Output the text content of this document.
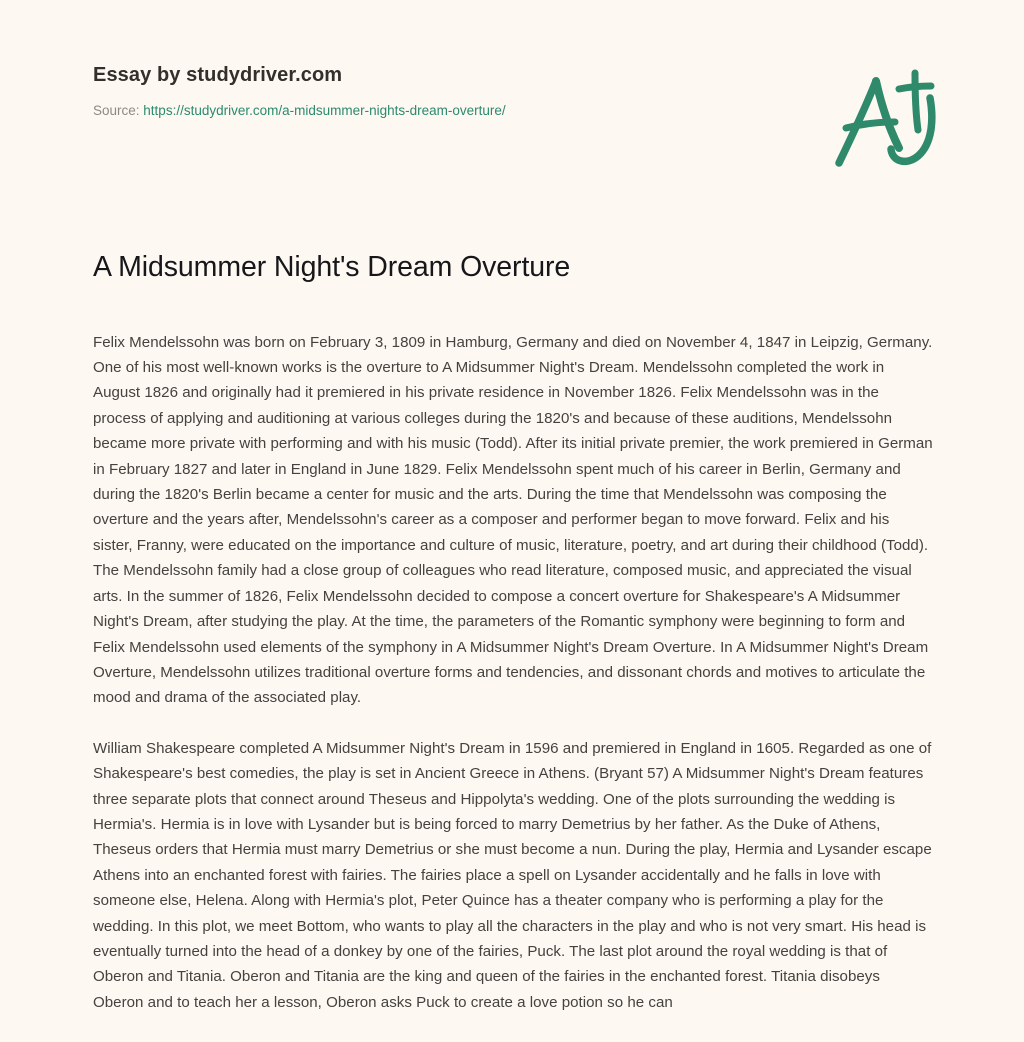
Essay by studydriver.com
Source: https://studydriver.com/a-midsummer-nights-dream-overture/
A Midsummer Night's Dream Overture

Felix Mendelssohn was born on February 3, 1809 in Hamburg, Germany and died on November 4, 1847 in Leipzig, Germany. One of his most well-known works is the overture to A Midsummer Night's Dream. Mendelssohn completed the work in August 1826 and originally had it premiered in his private residence in November 1826. Felix Mendelssohn was in the process of applying and auditioning at various colleges during the 1820's and because of these auditions, Mendelssohn became more private with performing and with his music (Todd). After its initial private premier, the work premiered in German in February 1827 and later in England in June 1829. Felix Mendelssohn spent much of his career in Berlin, Germany and during the 1820's Berlin became a center for music and the arts. During the time that Mendelssohn was composing the overture and the years after, Mendelssohn's career as a composer and performer began to move forward. Felix and his sister, Franny, were educated on the importance and culture of music, literature, poetry, and art during their childhood (Todd). The Mendelssohn family had a close group of colleagues who read literature, composed music, and appreciated the visual arts. In the summer of 1826, Felix Mendelssohn decided to compose a concert overture for Shakespeare's A Midsummer Night's Dream, after studying the play. At the time, the parameters of the Romantic symphony were beginning to form and Felix Mendelssohn used elements of the symphony in A Midsummer Night's Dream Overture. In A Midsummer Night's Dream Overture, Mendelssohn utilizes traditional overture forms and tendencies, and dissonant chords and motives to articulate the mood and drama of the associated play.

William Shakespeare completed A Midsummer Night's Dream in 1596 and premiered in England in 1605. Regarded as one of Shakespeare's best comedies, the play is set in Ancient Greece in Athens. (Bryant 57) A Midsummer Night's Dream features three separate plots that connect around Theseus and Hippolyta's wedding. One of the plots surrounding the wedding is Hermia's. Hermia is in love with Lysander but is being forced to marry Demetrius by her father. As the Duke of Athens, Theseus orders that Hermia must marry Demetrius or she must become a nun. During the play, Hermia and Lysander escape Athens into an enchanted forest with fairies. The fairies place a spell on Lysander accidentally and he falls in love with someone else, Helena. Along with Hermia's plot, Peter Quince has a theater company who is performing a play for the wedding. In this plot, we meet Bottom, who wants to play all the characters in the play and who is not very smart. His head is eventually turned into the head of a donkey by one of the fairies, Puck. The last plot around the royal wedding is that of Oberon and Titania. Oberon and Titania are the king and queen of the fairies in the enchanted forest. Titania disobeys Oberon and to teach her a lesson, Oberon asks Puck to create a love potion so he can
